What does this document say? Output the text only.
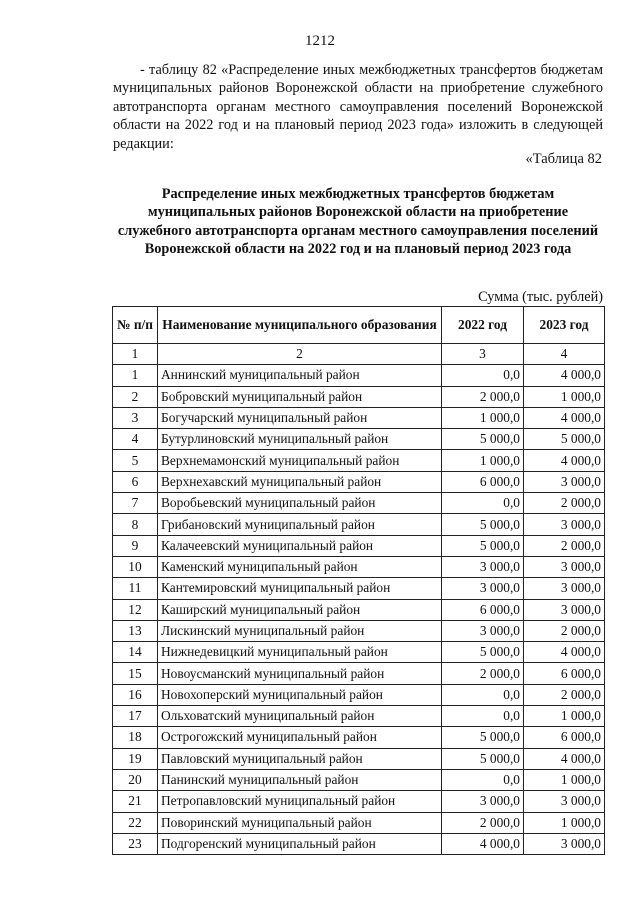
1212
- таблицу 82 «Распределение иных межбюджетных трансфертов бюджетам муниципальных районов Воронежской области на приобретение служебного автотранспорта органам местного самоуправления поселений Воронежской области на 2022 год и на плановый период 2023 года» изложить в следующей редакции:
«Таблица 82
Распределение иных межбюджетных трансфертов бюджетам муниципальных районов Воронежской области на приобретение служебного автотранспорта органам местного самоуправления поселений Воронежской области на 2022 год и на плановый период 2023 года
Сумма (тыс. рублей)
№ п/п	Наименование муниципального образования	2022 год	2023 год
1	2	3	4
1	Аннинский муниципальный район	0,0	4 000,0
2	Бобровский муниципальный район	2 000,0	1 000,0
3	Богучарский муниципальный район	1 000,0	4 000,0
4	Бутурлиновский муниципальный район	5 000,0	5 000,0
5	Верхнемамонский муниципальный район	1 000,0	4 000,0
6	Верхнехавский муниципальный район	6 000,0	3 000,0
7	Воробьевский муниципальный район	0,0	2 000,0
8	Грибановский муниципальный район	5 000,0	3 000,0
9	Калачеевский муниципальный район	5 000,0	2 000,0
10	Каменский муниципальный район	3 000,0	3 000,0
11	Кантемировский муниципальный район	3 000,0	3 000,0
12	Каширский муниципальный район	6 000,0	3 000,0
13	Лискинский муниципальный район	3 000,0	2 000,0
14	Нижнедевицкий муниципальный район	5 000,0	4 000,0
15	Новоусманский муниципальный район	2 000,0	6 000,0
16	Новохоперский муниципальный район	0,0	2 000,0
17	Ольховатский муниципальный район	0,0	1 000,0
18	Острогожский муниципальный район	5 000,0	6 000,0
19	Павловский муниципальный район	5 000,0	4 000,0
20	Панинский муниципальный район	0,0	1 000,0
21	Петропавловский муниципальный район	3 000,0	3 000,0
22	Поворинский муниципальный район	2 000,0	1 000,0
23	Подгоренский муниципальный район	4 000,0	3 000,0
